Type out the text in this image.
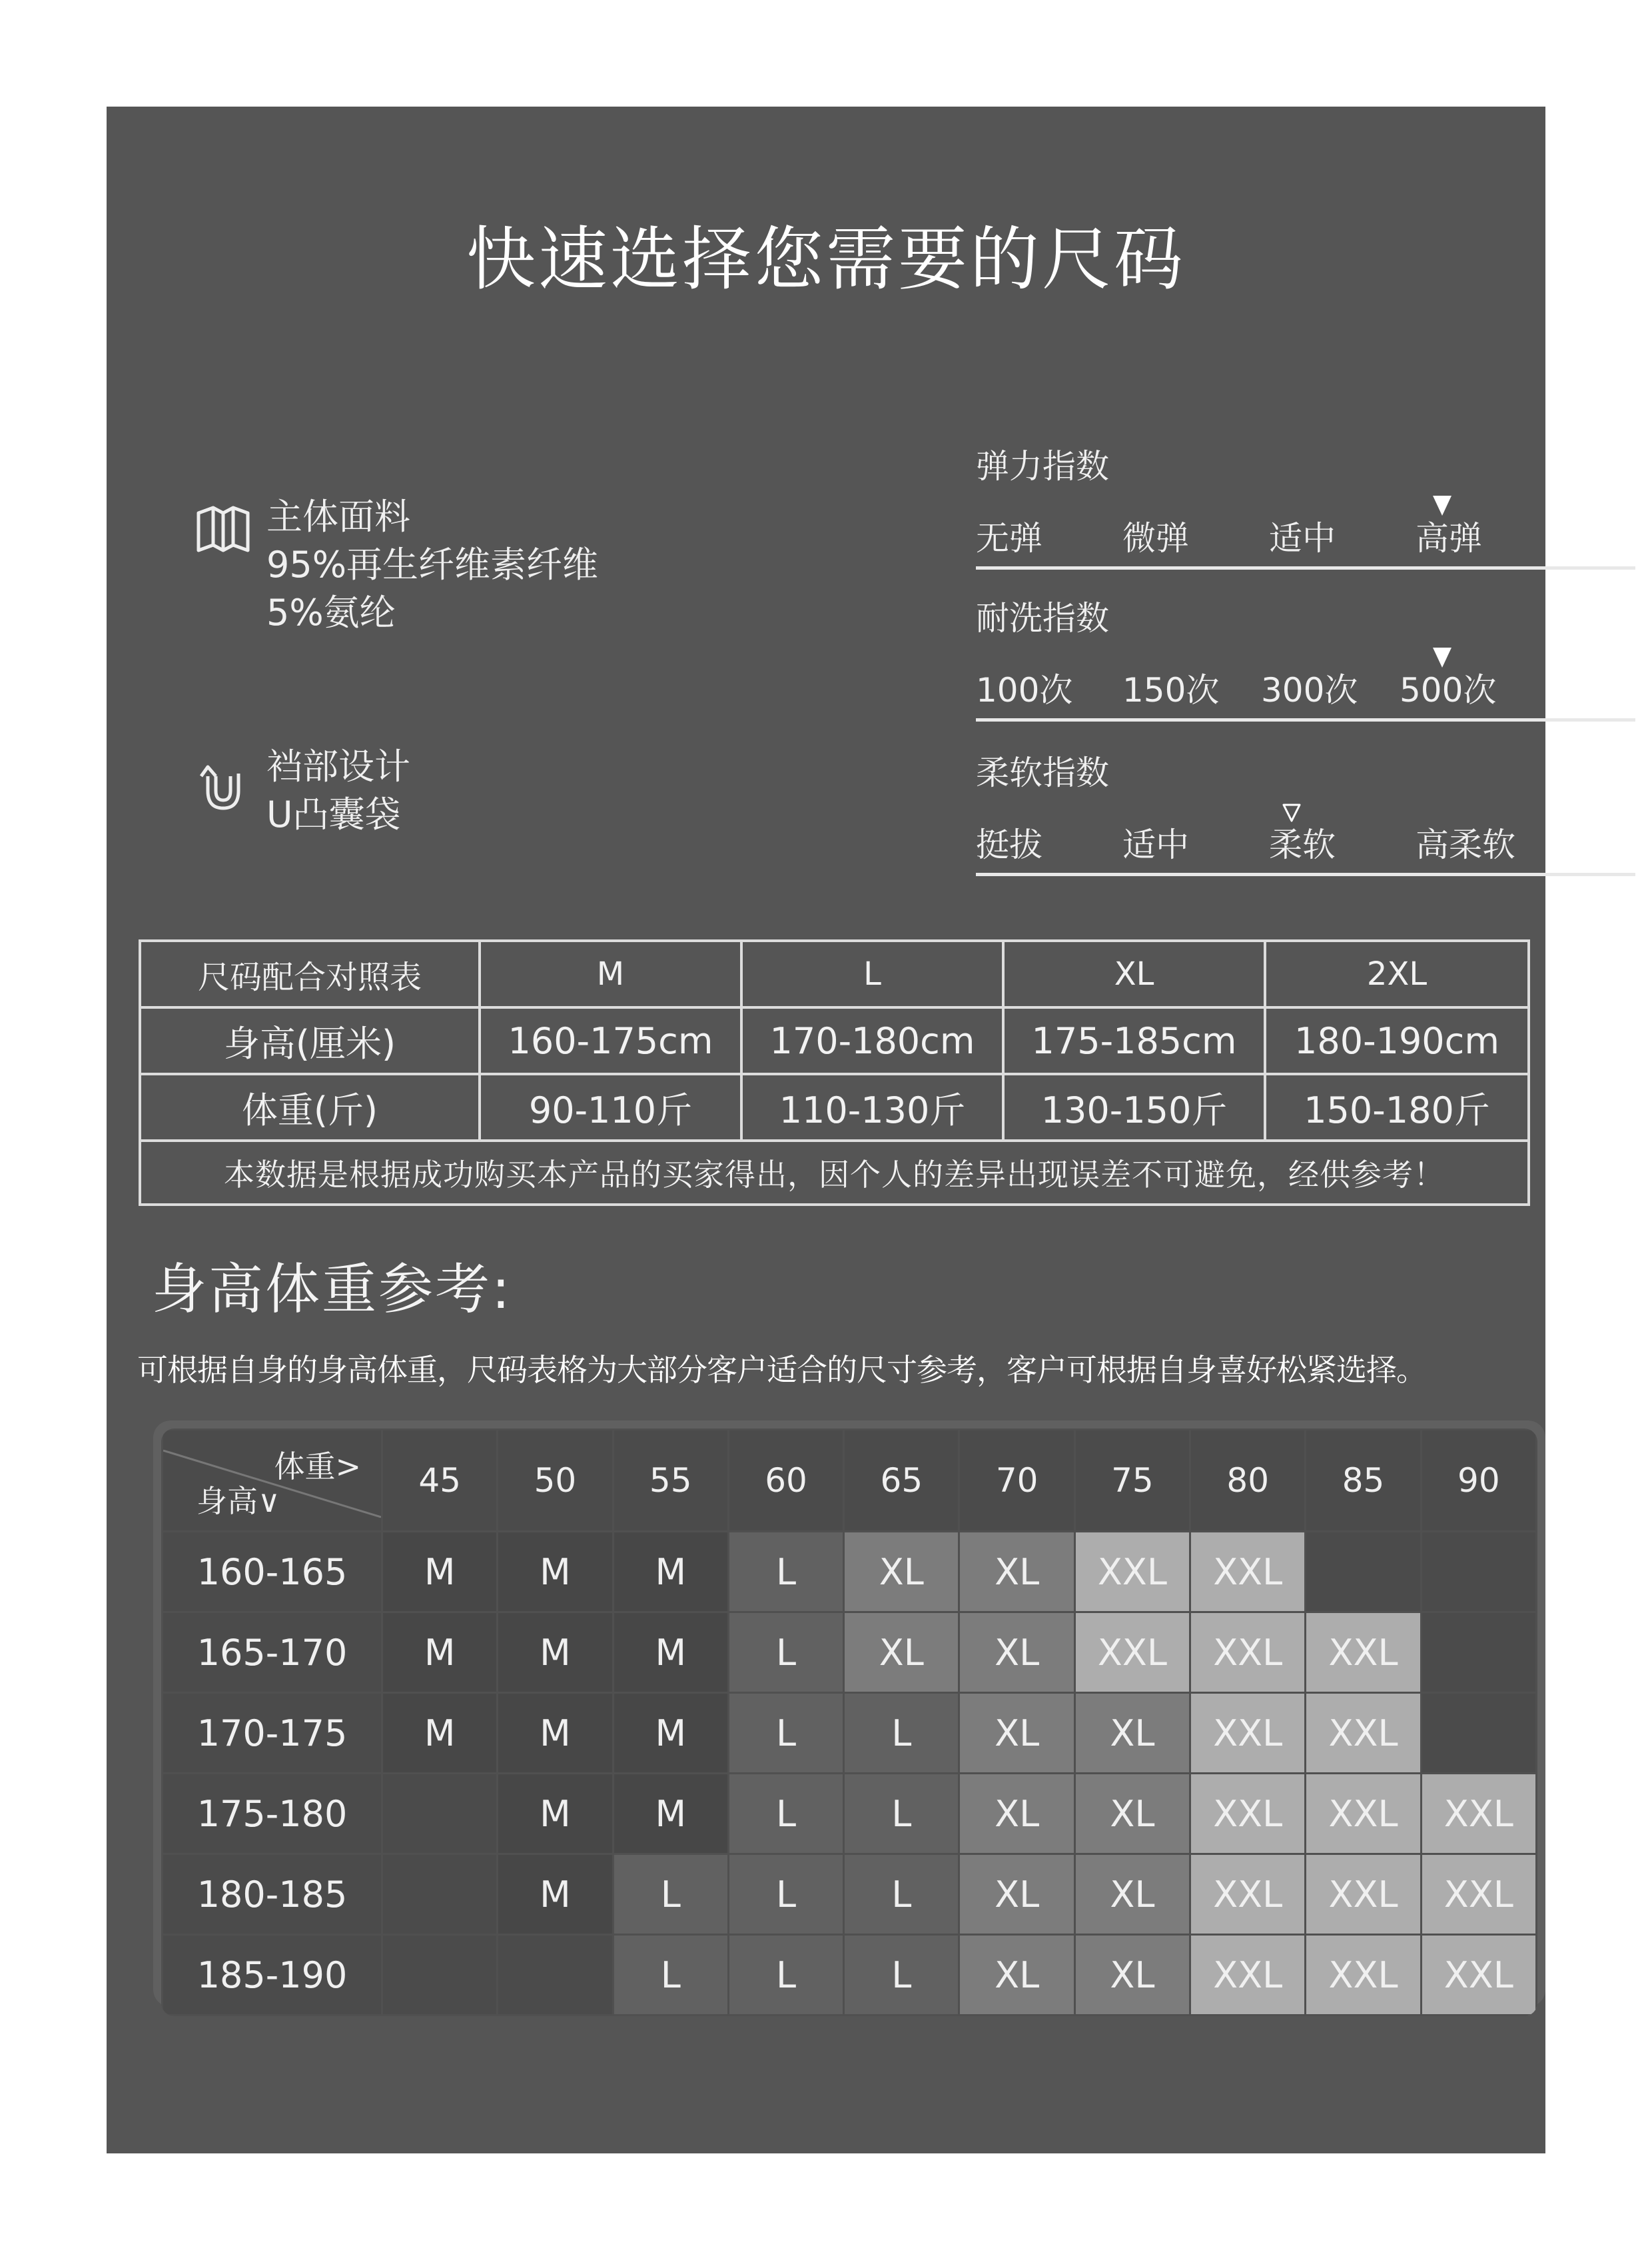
快速选择您需要的尺码
主体面料
95%再生纤维素纤维
5%氨纶
裆部设计
U凸囊袋
弹力指数
无弹 微弹 适中 高弹
耐洗指数
100次 150次 300次 500次
柔软指数
挺拔 适中 柔软 高柔软
尺码配合对照表	M	L	XL	2XL
身高(厘米)	160-175cm	170-180cm	175-185cm	180-190cm
体重(斤)	90-110斤	110-130斤	130-150斤	150-180斤
本数据是根据成功购买本产品的买家得出，因个人的差异出现误差不可避免，经供参考！				
身高体重参考:
可根据自身的身高体重，尺码表格为大部分客户适合的尺寸参考，客户可根据自身喜好松紧选择。
体重>
身高∨	45	50	55	60	65	70	75	80	85	90
160-165	M	M	M	L	XL	XL	XXL	XXL		
165-170	M	M	M	L	XL	XL	XXL	XXL	XXL	
170-175	M	M	M	L	L	XL	XL	XXL	XXL	
175-180		M	M	L	L	XL	XL	XXL	XXL	XXL
180-185		M	L	L	L	XL	XL	XXL	XXL	XXL
185-190			L	L	L	XL	XL	XXL	XXL	XXL
